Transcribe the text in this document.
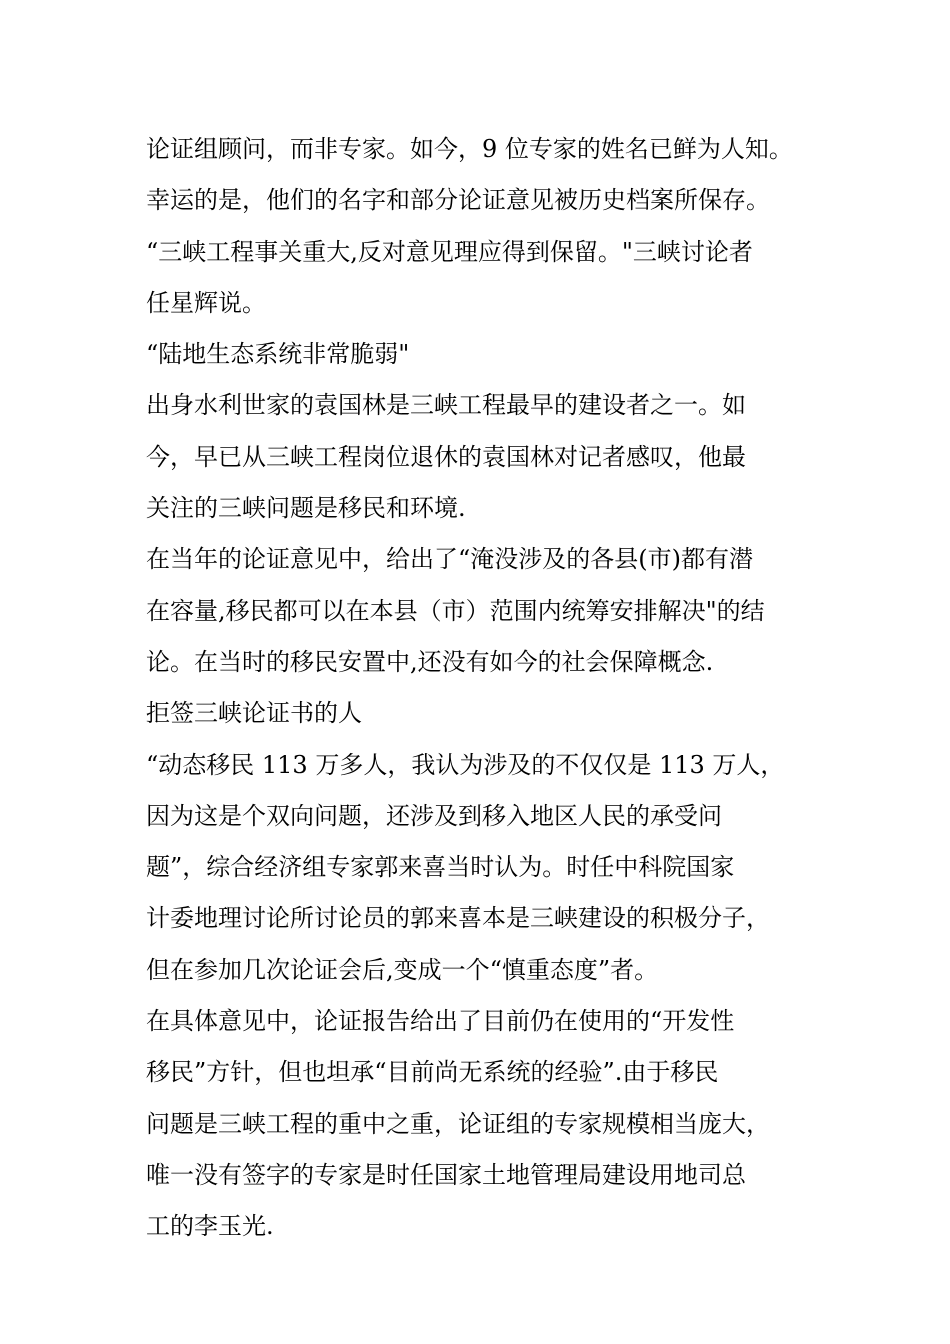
论证组顾问，而非专家。如今，9 位专家的姓名已鲜为人知。
幸运的是，他们的名字和部分论证意见被历史档案所保存。
“三峡工程事关重大,反对意见理应得到保留。"三峡讨论者
任星辉说。
“陆地生态系统非常脆弱"
出身水利世家的袁国林是三峡工程最早的建设者之一。如
今，早已从三峡工程岗位退休的袁国林对记者感叹，他最
关注的三峡问题是移民和环境.
在当年的论证意见中，给出了“淹没涉及的各县(市)都有潜
在容量,移民都可以在本县（市）范围内统筹安排解决"的结
论。在当时的移民安置中,还没有如今的社会保障概念.
拒签三峡论证书的人
“动态移民 113 万多人，我认为涉及的不仅仅是 113 万人，
因为这是个双向问题，还涉及到移入地区人民的承受问
题”，综合经济组专家郭来喜当时认为。时任中科院国家
计委地理讨论所讨论员的郭来喜本是三峡建设的积极分子，
但在参加几次论证会后,变成一个“慎重态度”者。
在具体意见中，论证报告给出了目前仍在使用的“开发性
移民”方针，但也坦承“目前尚无系统的经验”.由于移民
问题是三峡工程的重中之重，论证组的专家规模相当庞大，
唯一没有签字的专家是时任国家土地管理局建设用地司总
工的李玉光.
